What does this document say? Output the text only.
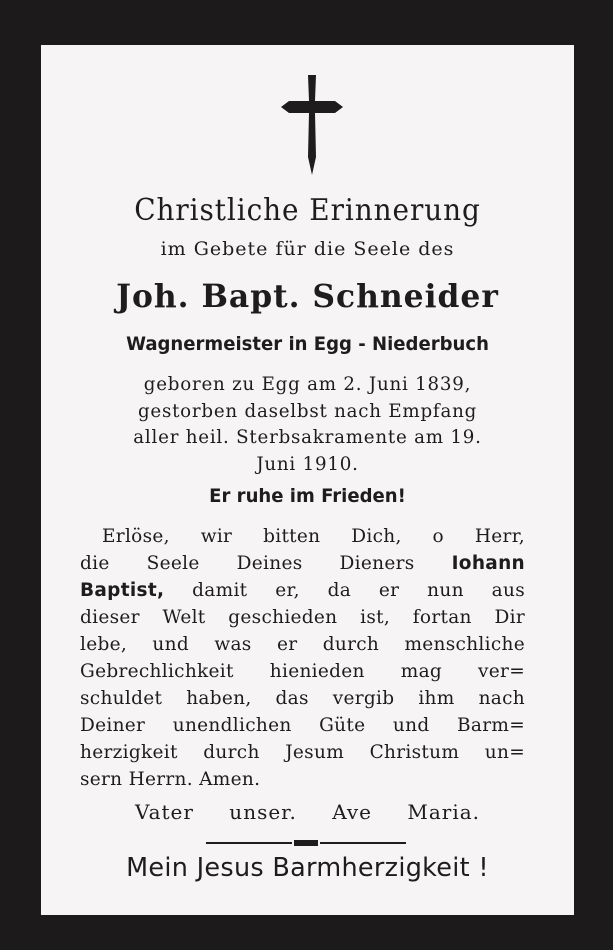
Christliche Erinnerung
im Gebete für die Seele des
Joh. Bapt. Schneider
Wagnermeister in Egg - Niederbuch
geboren zu Egg am 2. Juni 1839,
gestorben daselbst nach Empfang
aller heil. Sterbsakramente am 19.
Juni 1910.
Er ruhe im Frieden!
Erlöse, wir bitten Dich, o Herr,
die Seele Deines Dieners Iohann
Baptist, damit er, da er nun aus
dieser Welt geschieden ist, fortan Dir
lebe, und was er durch menschliche
Gebrechlichkeit hienieden mag ver=
schuldet haben, das vergib ihm nach
Deiner unendlichen Güte und Barm=
herzigkeit durch Jesum Christum un=
sern Herrn. Amen.
Vater unser. Ave Maria.
Mein Jesus Barmherzigkeit !
